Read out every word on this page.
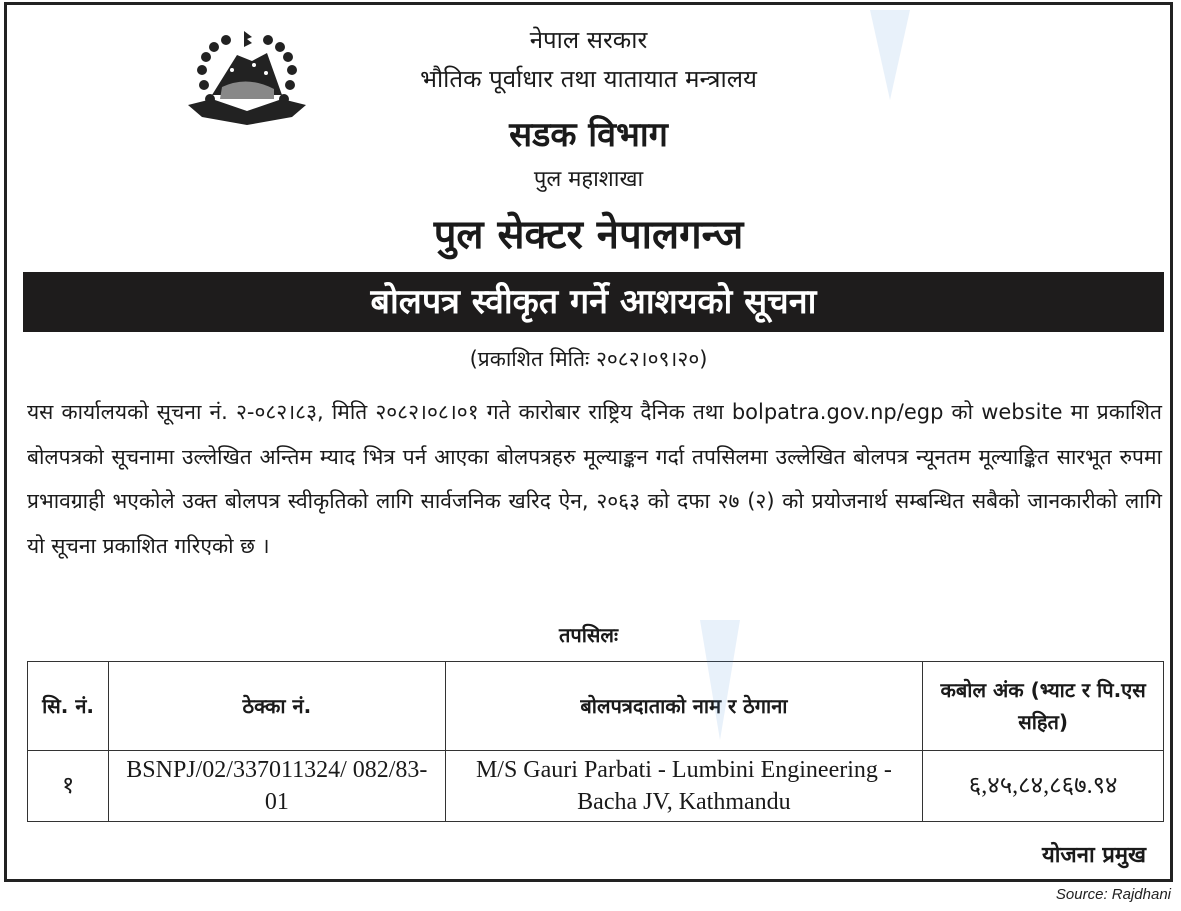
नेपाल सरकार
भौतिक पूर्वाधार तथा यातायात मन्त्रालय
सडक विभाग
पुल महाशाखा
पुल सेक्टर नेपालगन्ज
बोलपत्र स्वीकृत गर्ने आशयको सूचना
(प्रकाशित मितिः २०८२।०९।२०)
यस कार्यालयको सूचना नं. २-०८२।८३, मिति २०८२।०८।०१ गते कारोबार राष्ट्रिय दैनिक तथा bolpatra.gov.np/egp को website मा प्रकाशित बोलपत्रको सूचनामा उल्लेखित अन्तिम म्याद भित्र पर्न आएका बोलपत्रहरु मूल्याङ्कन गर्दा तपसिलमा उल्लेखित बोलपत्र न्यूनतम मूल्याङ्कित सारभूत रुपमा प्रभावग्राही भएकोले उक्त बोलपत्र स्वीकृतिको लागि सार्वजनिक खरिद ऐन, २०६३ को दफा २७ (२) को प्रयोजनार्थ सम्बन्धित सबैको जानकारीको लागि यो सूचना प्रकाशित गरिएको छ ।
तपसिलः
सि. नं.	ठेक्का नं.	बोलपत्रदाताको नाम र ठेगाना	कबोल अंक (भ्याट र पि.एस सहित)
१	BSNPJ/02/337011324/ 082/83-01	M/S Gauri Parbati - Lumbini Engineering - Bacha JV, Kathmandu	६,४५,८४,८६७.९४
योजना प्रमुख
Source: Rajdhani
